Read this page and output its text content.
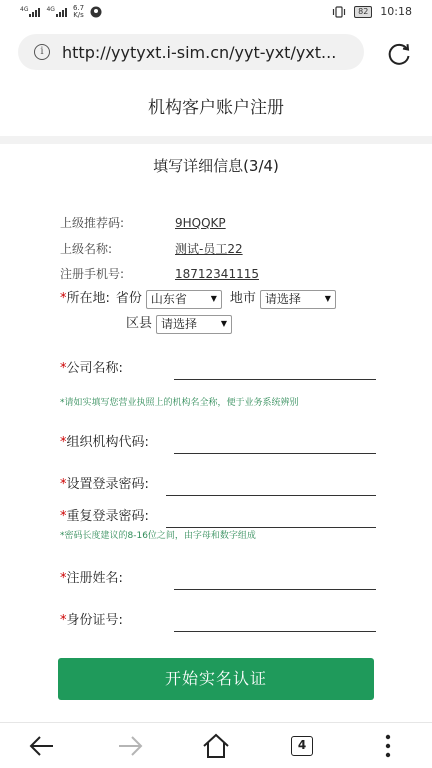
4G	4G	6.7
K/s	82	10:18
i	http://yytyxt.i-sim.cn/yyt-yxt/yxt...
机构客户账户注册
填写详细信息(3/4)
上级推荐码:	9HQQKP
上级名称:	测试-员工22
注册手机号:	18712341115
* 所在地: 省份 山东省	▼ 地市 请选择	▼
区县 请选择	▼
*公司名称:
*请如实填写您营业执照上的机构名全称，便于业务系统辨别
*组织机构代码:
*设置登录密码:
*重复登录密码:
*密码长度建议的8-16位之间，由字母和数字组成
*注册姓名:
*身份证号:
开始实名认证
4
